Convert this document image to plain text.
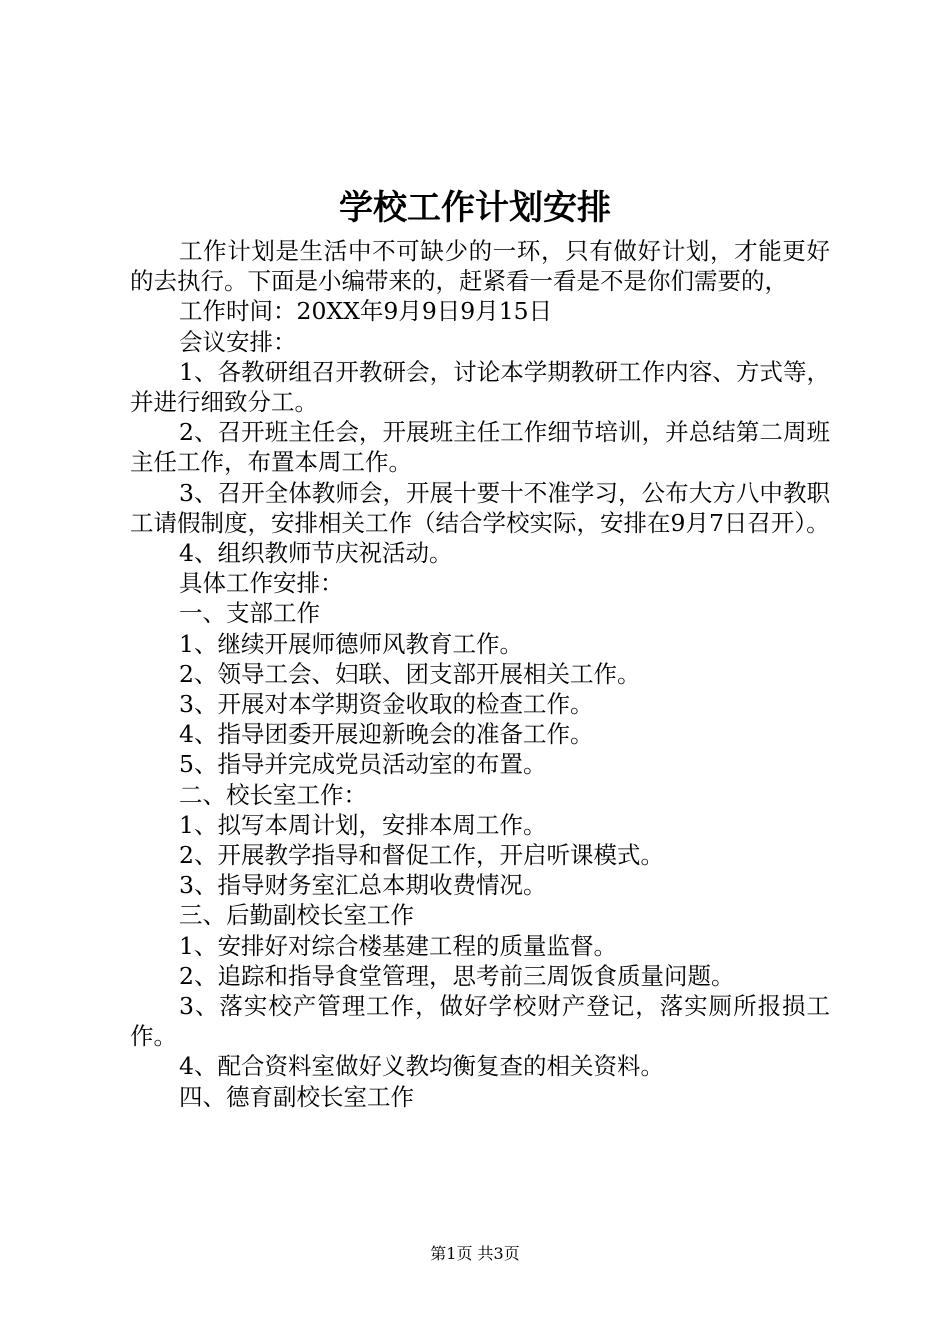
学校工作计划安排

工作计划是生活中不可缺少的一环，只有做好计划，才能更好的去执行。下面是小编带来的，赶紧看一看是不是你们需要的，

工作时间：20XX年9月9日9月15日

会议安排：

1、各教研组召开教研会，讨论本学期教研工作内容、方式等，并进行细致分工。

2、召开班主任会，开展班主任工作细节培训，并总结第二周班主任工作，布置本周工作。

3、召开全体教师会，开展十要十不准学习，公布大方八中教职工请假制度，安排相关工作（结合学校实际，安排在9月7日召开）。

4、组织教师节庆祝活动。

具体工作安排：

一、支部工作

1、继续开展师德师风教育工作。

2、领导工会、妇联、团支部开展相关工作。

3、开展对本学期资金收取的检查工作。

4、指导团委开展迎新晚会的准备工作。

5、指导并完成党员活动室的布置。

二、校长室工作：

1、拟写本周计划，安排本周工作。

2、开展教学指导和督促工作，开启听课模式。

3、指导财务室汇总本期收费情况。

三、后勤副校长室工作

1、安排好对综合楼基建工程的质量监督。

2、追踪和指导食堂管理，思考前三周饭食质量问题。

3、落实校产管理工作，做好学校财产登记，落实厕所报损工作。

4、配合资料室做好义教均衡复查的相关资料。

四、德育副校长室工作

第1页 共3页
